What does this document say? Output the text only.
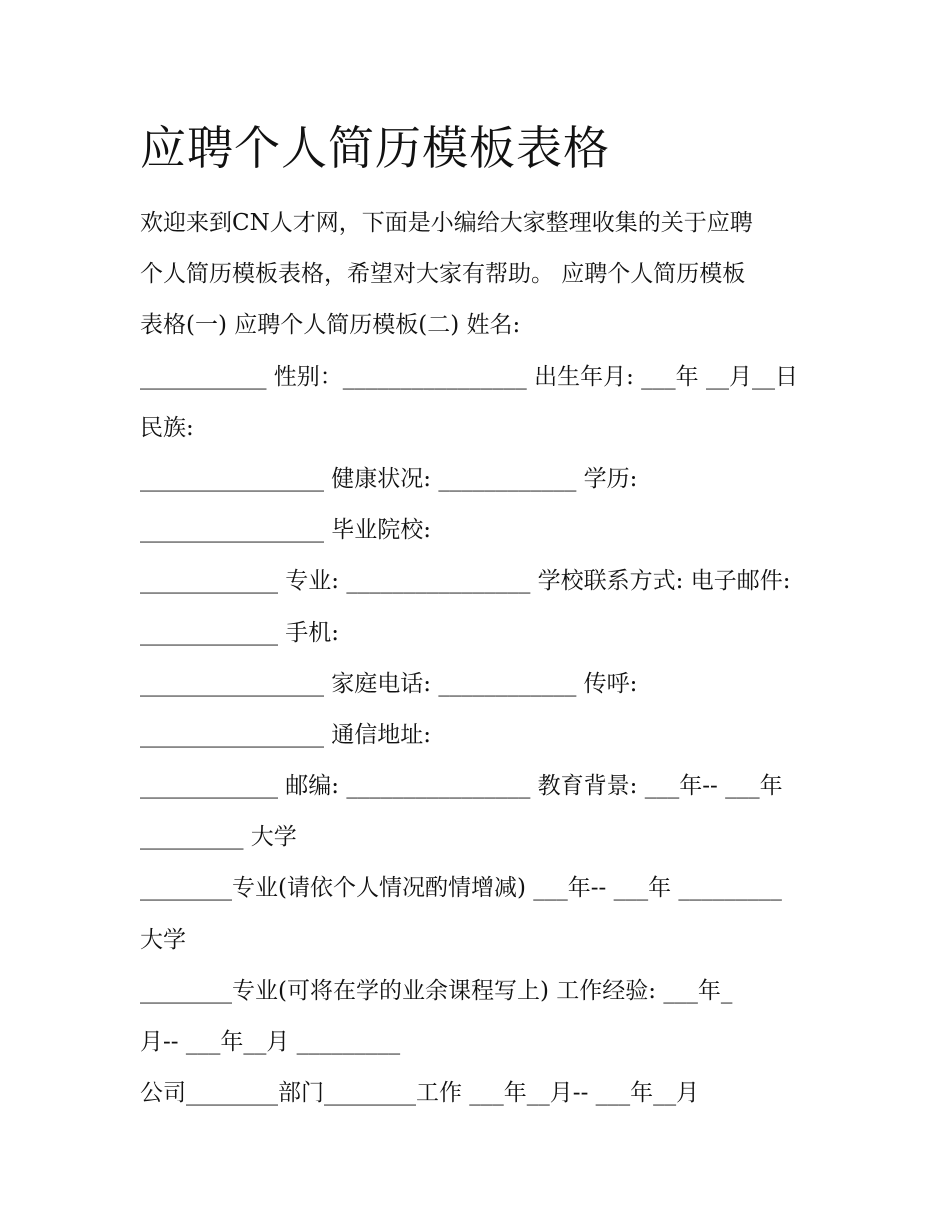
应聘个人简历模板表格
欢迎来到CN人才网，下面是小编给大家整理收集的关于应聘
个人简历模板表格，希望对大家有帮助。 应聘个人简历模板
表格(一) 应聘个人简历模板(二) 姓名:
___________ 性别：________________ 出生年月: ___年 __月__日
民族:
________________ 健康状况: ____________ 学历:
________________ 毕业院校:
____________ 专业: ________________ 学校联系方式: 电子邮件:
____________ 手机:
________________ 家庭电话: ____________ 传呼:
________________ 通信地址:
____________ 邮编: ________________ 教育背景: ___年-- ___年
_________ 大学
________专业(请依个人情况酌情增减) ___年-- ___年 _________
大学
________专业(可将在学的业余课程写上) 工作经验: ___年_
月-- ___年__月 _________
公司________部门________工作 ___年__月-- ___年__月
